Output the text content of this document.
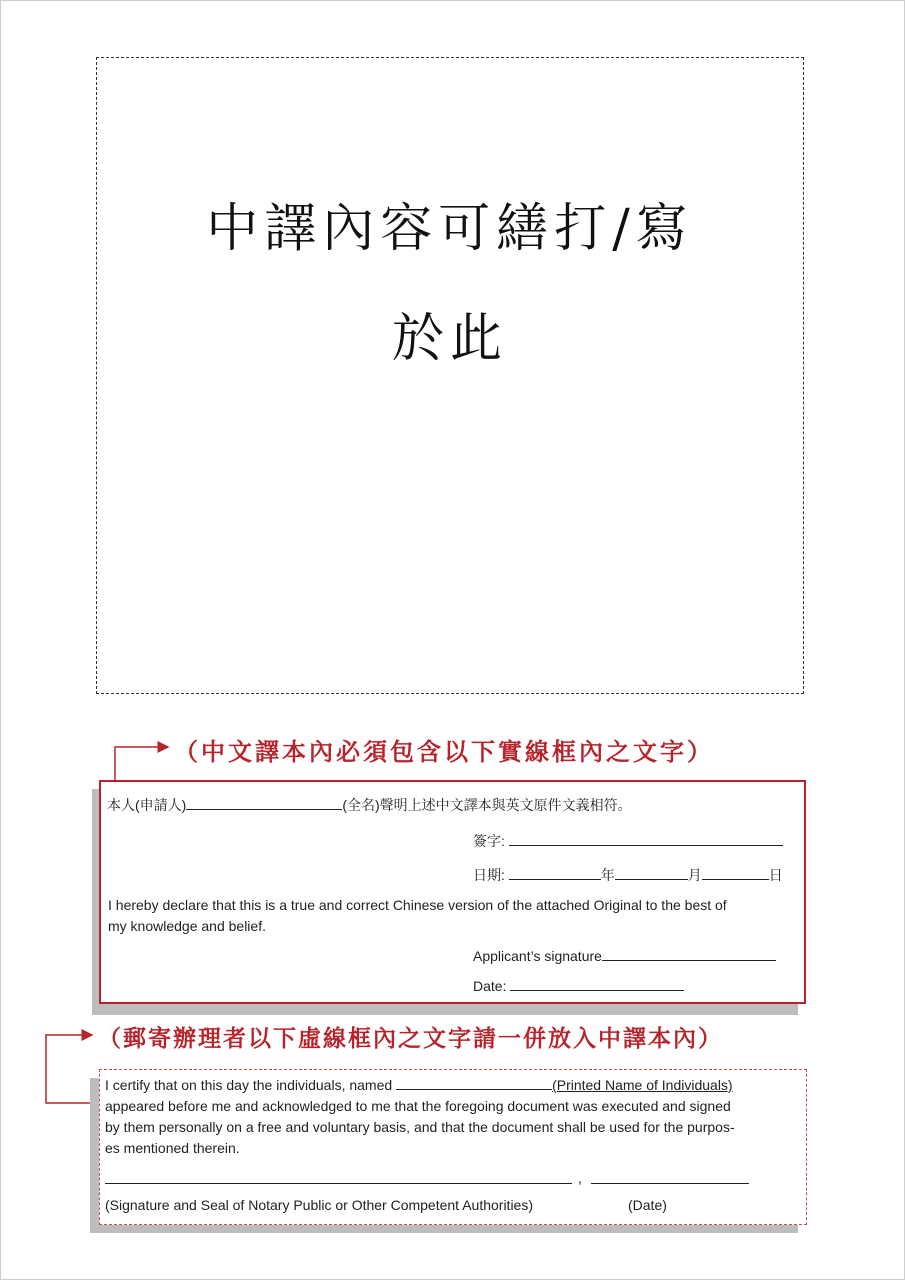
中譯內容可繕打/寫
於此
（中文譯本內必須包含以下實線框內之文字）
（郵寄辦理者以下虛線框內之文字請一併放入中譯本內）
本人(申請人)	(全名)聲明上述中文譯本與英文原件文義相符。
簽字:
日期:	年	月	日
I hereby declare that this is a true and correct Chinese version of the attached Original to the best of
my knowledge and belief.
Applicant’s signature
Date:
I certify that on this day the individuals, named	(Printed Name of Individuals)
appeared before me and acknowledged to me that the foregoing document was executed and signed
by them personally on a free and voluntary basis, and that the document shall be used for the purpos-
es mentioned therein.
,
(Signature and Seal of Notary Public or Other Competent Authorities)	(Date)
